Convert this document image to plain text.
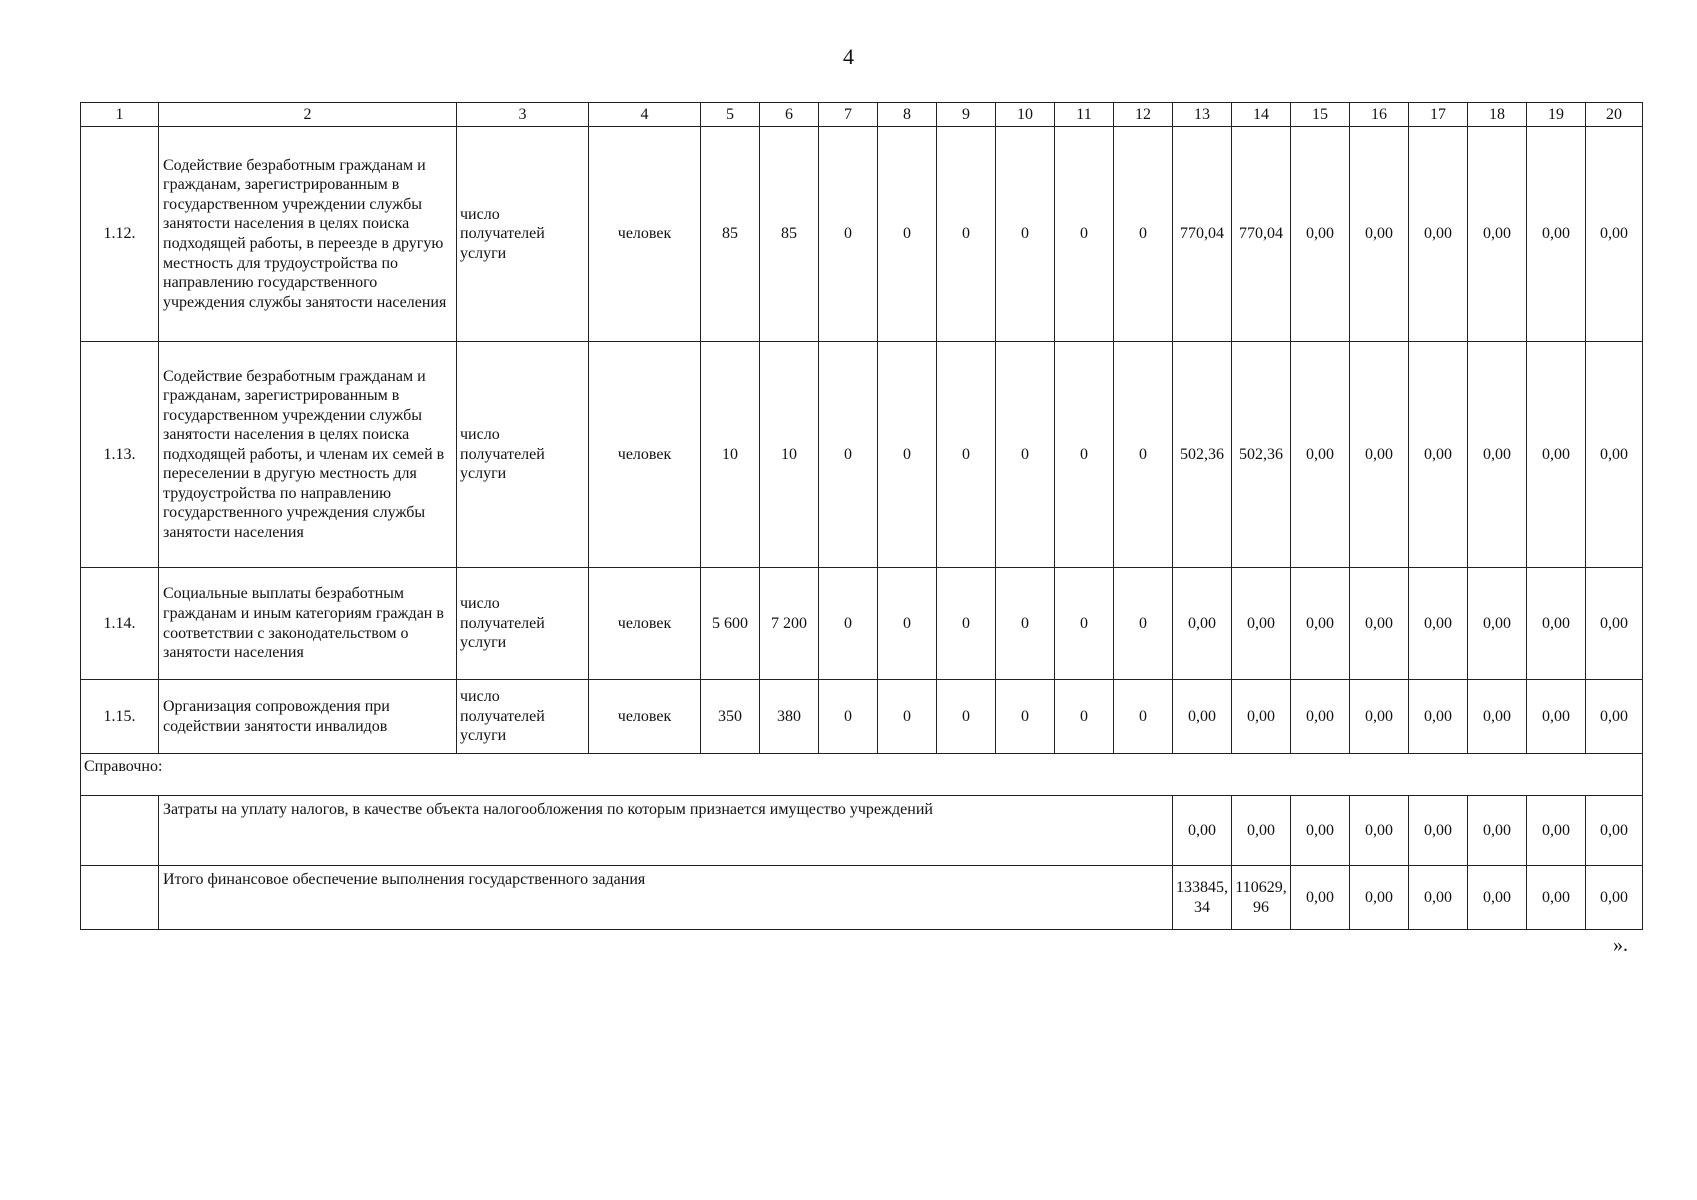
4
1	2	3	4	5	6	7	8	9	10	11	12	13	14	15	16	17	18	19	20
1.12.	Содействие безработным гражданам и гражданам, зарегистрированным в государственном учреждении службы занятости населения в целях поиска подходящей работы, в переезде в другую местность для трудоустройства по направлению государственного учреждения службы занятости населения	число получателей услуги	человек	85	85	0	0	0	0	0	0	770,04	770,04	0,00	0,00	0,00	0,00	0,00	0,00
1.13.	Содействие безработным гражданам и гражданам, зарегистрированным в государственном учреждении службы занятости населения в целях поиска подходящей работы, и членам их семей в переселении в другую местность для трудоустройства по направлению государственного учреждения службы занятости населения	число получателей услуги	человек	10	10	0	0	0	0	0	0	502,36	502,36	0,00	0,00	0,00	0,00	0,00	0,00
1.14.	Социальные выплаты безработным гражданам и иным категориям граждан в соответствии с законодательством о занятости населения	число получателей услуги	человек	5 600	7 200	0	0	0	0	0	0	0,00	0,00	0,00	0,00	0,00	0,00	0,00	0,00
1.15.	Организация сопровождения при содействии занятости инвалидов	число получателей услуги	человек	350	380	0	0	0	0	0	0	0,00	0,00	0,00	0,00	0,00	0,00	0,00	0,00
Справочно:																			
	Затраты на уплату налогов, в качестве объекта налогообложения по которым признается имущество учреждений											0,00	0,00	0,00	0,00	0,00	0,00	0,00	0,00
	Итого финансовое обеспечение выполнения государственного задания											133845,34	110629,96	0,00	0,00	0,00	0,00	0,00	0,00
».
